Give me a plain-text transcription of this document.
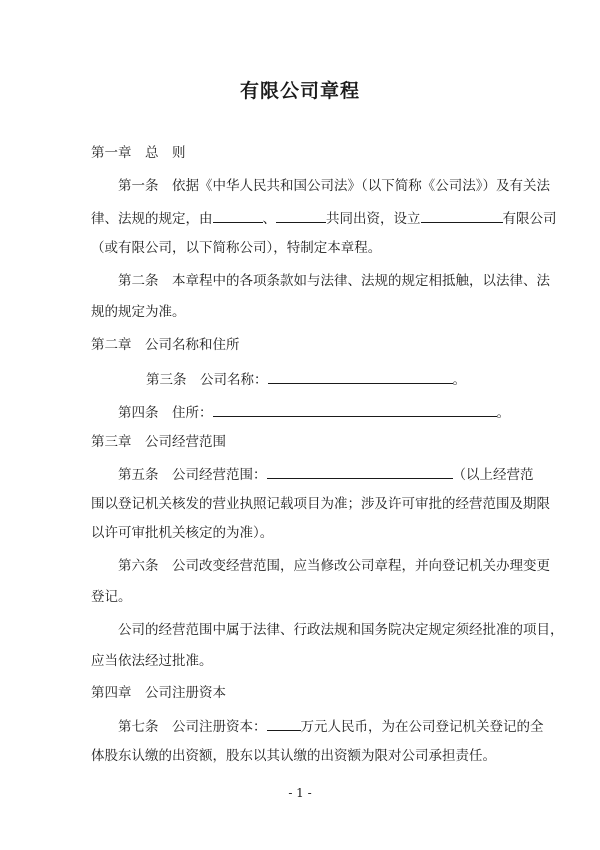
有限公司章程
第一章　总　则
第一条　依据《中华人民共和国公司法》（以下简称《公司法》）及有关法
律、法规的规定，由	、	共同出资，设立	有限公司
（或有限公司，以下简称公司），特制定本章程。
第二条　本章程中的各项条款如与法律、法规的规定相抵触，以法律、法
规的规定为准。
第二章　公司名称和住所
第三条　公司名称：	。
第四条　住所：	。
第三章　公司经营范围
第五条　公司经营范围：	（以上经营范
围以登记机关核发的营业执照记载项目为准；涉及许可审批的经营范围及期限
以许可审批机关核定的为准）。
第六条　公司改变经营范围，应当修改公司章程，并向登记机关办理变更
登记。
公司的经营范围中属于法律、行政法规和国务院决定规定须经批准的项目，
应当依法经过批准。
第四章　公司注册资本
第七条　公司注册资本：	万元人民币，为在公司登记机关登记的全
体股东认缴的出资额，股东以其认缴的出资额为限对公司承担责任。
- 1 -
